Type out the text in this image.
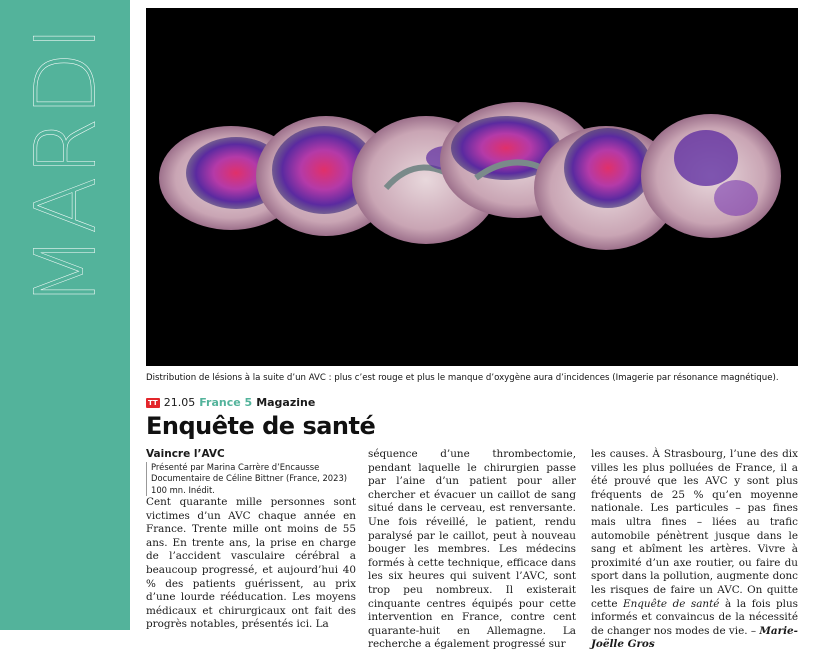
MARDI
Distribution de lésions à la suite d’un AVC : plus c’est rouge et plus le manque d’oxygène aura d’incidences (Imagerie par résonance magnétique).
TT 21.05 France 5 Magazine
Enquête de santé

Vaincre l’AVC

Présenté par Marina Carrère d’Encausse

Documentaire de Céline Bittner (France, 2023)

100 mn. Inédit.

Cent quarante mille personnes sont victimes d’un AVC chaque année en France. Trente mille ont moins de 55 ans. En trente ans, la prise en charge de l’accident vasculaire cérébral a beaucoup progressé, et aujourd’hui 40 % des patients guérissent, au prix d’une lourde rééducation. Les moyens médicaux et chirurgicaux ont fait des progrès notables, présentés ici. La

séquence d’une thrombectomie, pendant laquelle le chirurgien passe par l’aine d’un patient pour aller chercher et évacuer un caillot de sang situé dans le cerveau, est renversante. Une fois réveillé, le patient, rendu paralysé par le caillot, peut à nouveau bouger les membres. Les médecins formés à cette technique, efficace dans les six heures qui suivent l’AVC, sont trop peu nombreux. Il existerait cinquante centres équipés pour cette intervention en France, contre cent quarante-huit en Allemagne. La recherche a également progressé sur

les causes. À Strasbourg, l’une des dix villes les plus polluées de France, il a été prouvé que les AVC y sont plus fréquents de 25 % qu’en moyenne nationale. Les particules – pas fines mais ultra fines – liées au trafic automobile pénètrent jusque dans le sang et abîment les artères. Vivre à proximité d’un axe routier, ou faire du sport dans la pollution, augmente donc les risques de faire un AVC. On quitte cette Enquête de santé à la fois plus informés et convaincus de la nécessité de changer nos modes de vie. – Marie-Joëlle Gros
